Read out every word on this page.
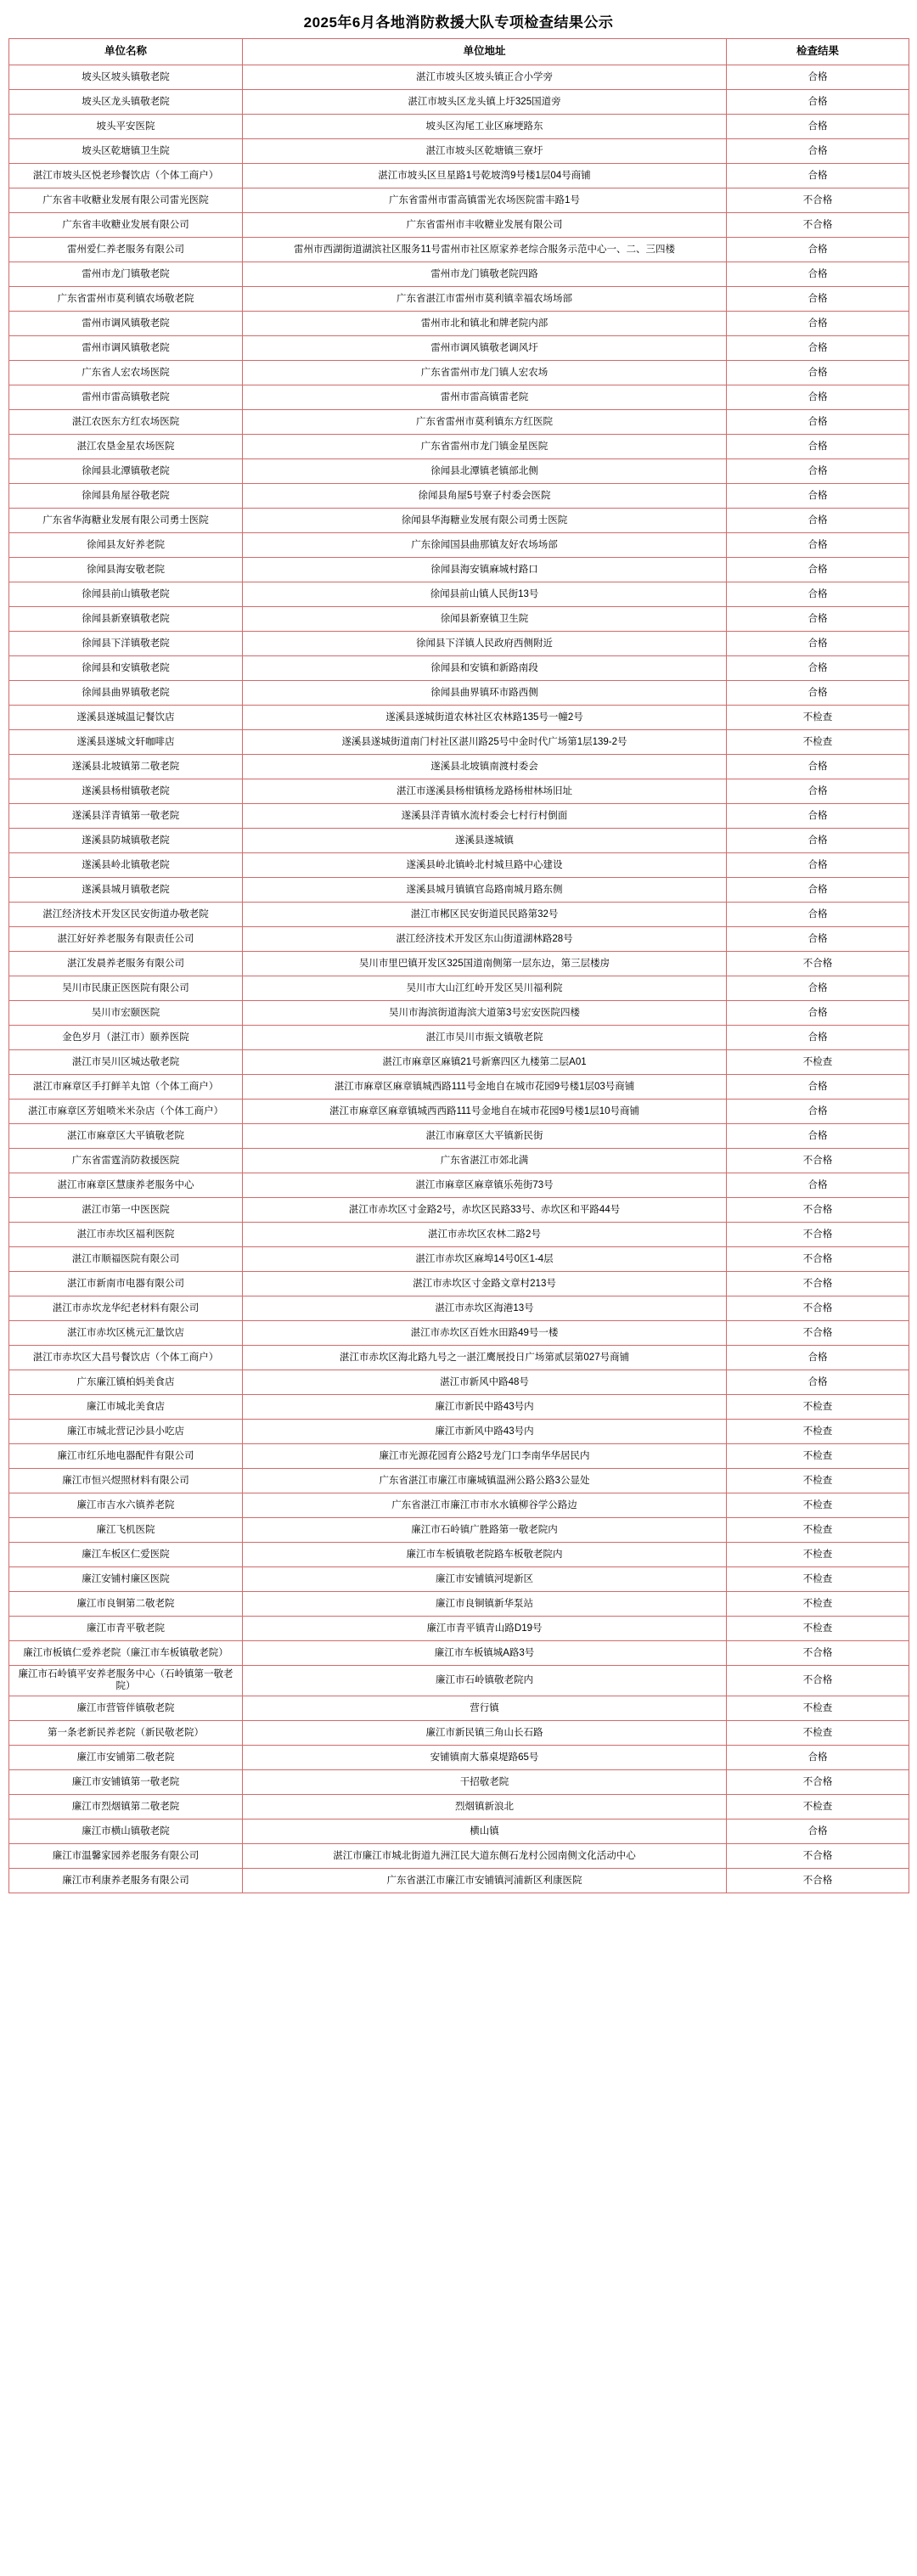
2025年6月各地消防救援大队专项检查结果公示
单位名称	单位地址	检查结果
坡头区坡头镇敬老院	湛江市坡头区坡头镇正合小学旁	合格
坡头区龙头镇敬老院	湛江市坡头区龙头镇上圩325国道旁	合格
坡头平安医院	坡头区沟尾工业区麻埂路东	合格
坡头区乾塘镇卫生院	湛江市坡头区乾塘镇三寮圩	合格
湛江市坡头区悦老珍餐饮店（个体工商户）	湛江市坡头区旦星路1号乾坡湾9号楼1层04号商铺	合格
广东省丰收糖业发展有限公司雷光医院	广东省雷州市雷高镇雷光农场医院雷丰路1号	不合格
广东省丰收糖业发展有限公司	广东省雷州市丰收糖业发展有限公司	不合格
雷州爱仁养老服务有限公司	雷州市西湖街道湖滨社区服务11号雷州市社区原家养老综合服务示范中心一、二、三四楼	合格
雷州市龙门镇敬老院	雷州市龙门镇敬老院四路	合格
广东省雷州市莫利镇农场敬老院	广东省湛江市雷州市莫利镇幸福农场场部	合格
雷州市调风镇敬老院	雷州市北和镇北和牌老院内部	合格
雷州市调风镇敬老院	雷州市调风镇敬老调风圩	合格
广东省人宏农场医院	广东省雷州市龙门镇人宏农场	合格
雷州市雷高镇敬老院	雷州市雷高镇雷老院	合格
湛江农医东方红农场医院	广东省雷州市莫利镇东方红医院	合格
湛江农垦金星农场医院	广东省雷州市龙门镇金星医院	合格
徐闻县北潭镇敬老院	徐闻县北潭镇老镇部北侧	合格
徐闻县角屋谷敬老院	徐闻县角屋5号寮子村委会医院	合格
广东省华海糖业发展有限公司勇士医院	徐闻县华海糖业发展有限公司勇士医院	合格
徐闻县友好养老院	广东徐闻国县曲那镇友好农场场部	合格
徐闻县海安敬老院	徐闻县海安镇麻城村路口	合格
徐闻县前山镇敬老院	徐闻县前山镇人民街13号	合格
徐闻县新寮镇敬老院	徐闻县新寮镇卫生院	合格
徐闻县下洋镇敬老院	徐闻县下洋镇人民政府西侧附近	合格
徐闻县和安镇敬老院	徐闻县和安镇和新路南段	合格
徐闻县曲界镇敬老院	徐闻县曲界镇环市路西侧	合格
遂溪县遂城温记餐饮店	遂溪县遂城街道农林社区农林路135号一幢2号	不检查
遂溪县遂城文轩咖啡店	遂溪县遂城街道南门村社区湛川路25号中金时代广场第1层139-2号	不检查
遂溪县北坡镇第二敬老院	遂溪县北坡镇南渡村委会	合格
遂溪县杨柑镇敬老院	湛江市遂溪县杨柑镇杨龙路杨柑林场旧址	合格
遂溪县洋青镇第一敬老院	遂溪县洋青镇水流村委会七村行村倒面	合格
遂溪县防城镇敬老院	遂溪县遂城镇	合格
遂溪县岭北镇敬老院	遂溪县岭北镇岭北村城旦路中心建设	合格
遂溪县城月镇敬老院	遂溪县城月镇镇官岛路南城月路东侧	合格
湛江经济技术开发区民安街道办敬老院	湛江市郴区民安街道民民路第32号	合格
湛江好好养老服务有限责任公司	湛江经济技术开发区东山街道湖林路28号	合格
湛江发晨养老服务有限公司	吴川市里巴镇开发区325国道南侧第一层东边，第三层楼房	不合格
吴川市民康正医医院有限公司	吴川市大山江红岭开发区吴川福利院	合格
吴川市宏颐医院	吴川市海滨街道海滨大道第3号宏安医院四楼	合格
金色岁月（湛江市）颐养医院	湛江市吴川市振文镇敬老院	合格
湛江市吴川区城达敬老院	湛江市麻章区麻镇21号新寨四区九楼第二层A01	不检查
湛江市麻章区手打鲜羊丸馆（个体工商户）	湛江市麻章区麻章镇城西路111号金地自在城市花园9号楼1层03号商铺	合格
湛江市麻章区芳姐喷米米杂店（个体工商户）	湛江市麻章区麻章镇城西西路111号金地自在城市花园9号楼1层10号商铺	合格
湛江市麻章区大平镇敬老院	湛江市麻章区大平镇新民街	合格
广东省雷霆消防救援医院	广东省湛江市郊北满	不合格
湛江市麻章区慧康养老服务中心	湛江市麻章区麻章镇乐苑街73号	合格
湛江市第一中医医院	湛江市赤坎区寸金路2号，赤坎区民路33号、赤坎区和平路44号	不合格
湛江市赤坎区福利医院	湛江市赤坎区农林二路2号	不合格
湛江市顺福医院有限公司	湛江市赤坎区麻埠14号0区1-4层	不合格
湛江市新南市电器有限公司	湛江市赤坎区寸金路文章村213号	不合格
湛江市赤坎龙华纪老材料有限公司	湛江市赤坎区海港13号	不合格
湛江市赤坎区桃元汇量饮店	湛江市赤坎区百姓水田路49号一楼	不合格
湛江市赤坎区大昌号餐饮店（个体工商户）	湛江市赤坎区海北路九号之一湛江鹰展投日广场第贰层第027号商铺	合格
广东廉江镇柏妈美食店	湛江市新风中路48号	合格
廉江市城北美食店	廉江市新民中路43号内	不检查
廉江市城北营记沙县小吃店	廉江市新风中路43号内	不检查
廉江市红乐地电器配件有限公司	廉江市光源花园育公路2号龙门口李南华华居民内	不检查
廉江市恒兴煜照材料有限公司	广东省湛江市廉江市廉城镇温洲公路公路3公显处	不检查
廉江市吉水六镇养老院	广东省湛江市廉江市市水水镇柳谷学公路边	不检查
廉江飞机医院	廉江市石岭镇广胜路第一敬老院内	不检查
廉江车板区仁爱医院	廉江市车板镇敬老院路车板敬老院内	不检查
廉江安铺村廉区医院	廉江市安铺镇河堤新区	不检查
廉江市良铜第二敬老院	廉江市良铜镇新华泵站	不检查
廉江市青平敬老院	廉江市青平镇青山路D19号	不检查
廉江市板镇仁爱养老院（廉江市车板镇敬老院）	廉江市车板镇城A路3号	不合格
廉江市石岭镇平安养老服务中心（石岭镇第一敬老院）	廉江市石岭镇敬老院内	不合格
廉江市营管伴镇敬老院	营行镇	不检查
第一条老新民养老院（新民敬老院）	廉江市新民镇三角山长石路	不检查
廉江市安铺第二敬老院	安铺镇南大慕桌堤路65号	合格
廉江市安铺镇第一敬老院	干招敬老院	不合格
廉江市烈烟镇第二敬老院	烈烟镇新浪北	不检查
廉江市横山镇敬老院	横山镇	合格
廉江市温馨家园养老服务有限公司	湛江市廉江市城北街道九洲江民大道东侧石龙村公园南侧文化活动中心	不合格
廉江市利康养老服务有限公司	广东省湛江市廉江市安铺镇河浦新区利康医院	不合格
